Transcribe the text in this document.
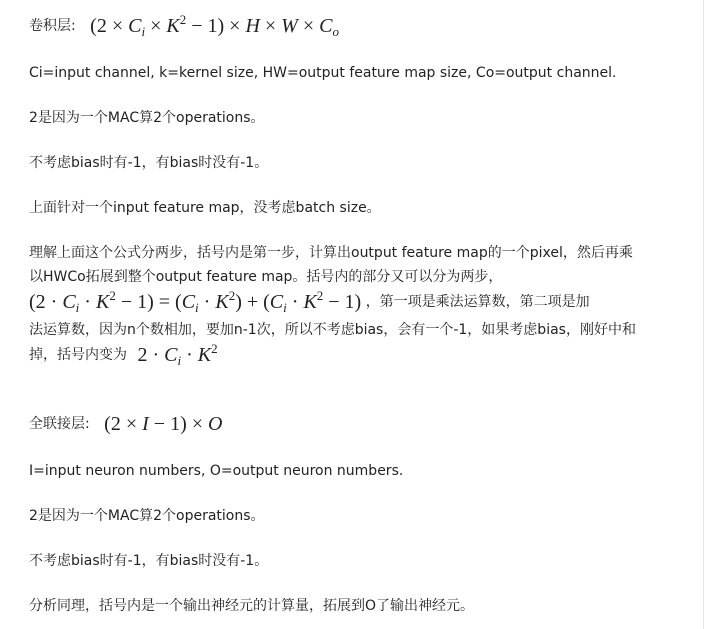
卷积层: $(2 \times C_i \times K^2 - 1) \times H \times W \times C_o$
Ci=input channel, k=kernel size, HW=output feature map size, Co=output channel.
2是因为一个MAC算2个operations。
不考虑bias时有-1，有bias时没有-1。
上面针对一个input feature map，没考虑batch size。
理解上面这个公式分两步，括号内是第一步，计算出output feature map的一个pixel，然后再乘
以HWCo拓展到整个output feature map。括号内的部分又可以分为两步，
$(2 \cdot C_i \cdot K^2 - 1) = (C_i \cdot K^2) + (C_i \cdot K^2 - 1)$ ，第一项是乘法运算数，第二项是加
法运算数，因为n个数相加，要加n-1次，所以不考虑bias，会有一个-1，如果考虑bias，刚好中和
掉，括号内变为 $2 \cdot C_i \cdot K^2$
全联接层: (2 × I − 1) × O
I=input neuron numbers, O=output neuron numbers.
2是因为一个MAC算2个operations。
不考虑bias时有-1，有bias时没有-1。
分析同理，括号内是一个输出神经元的计算量，拓展到O了输出神经元。
